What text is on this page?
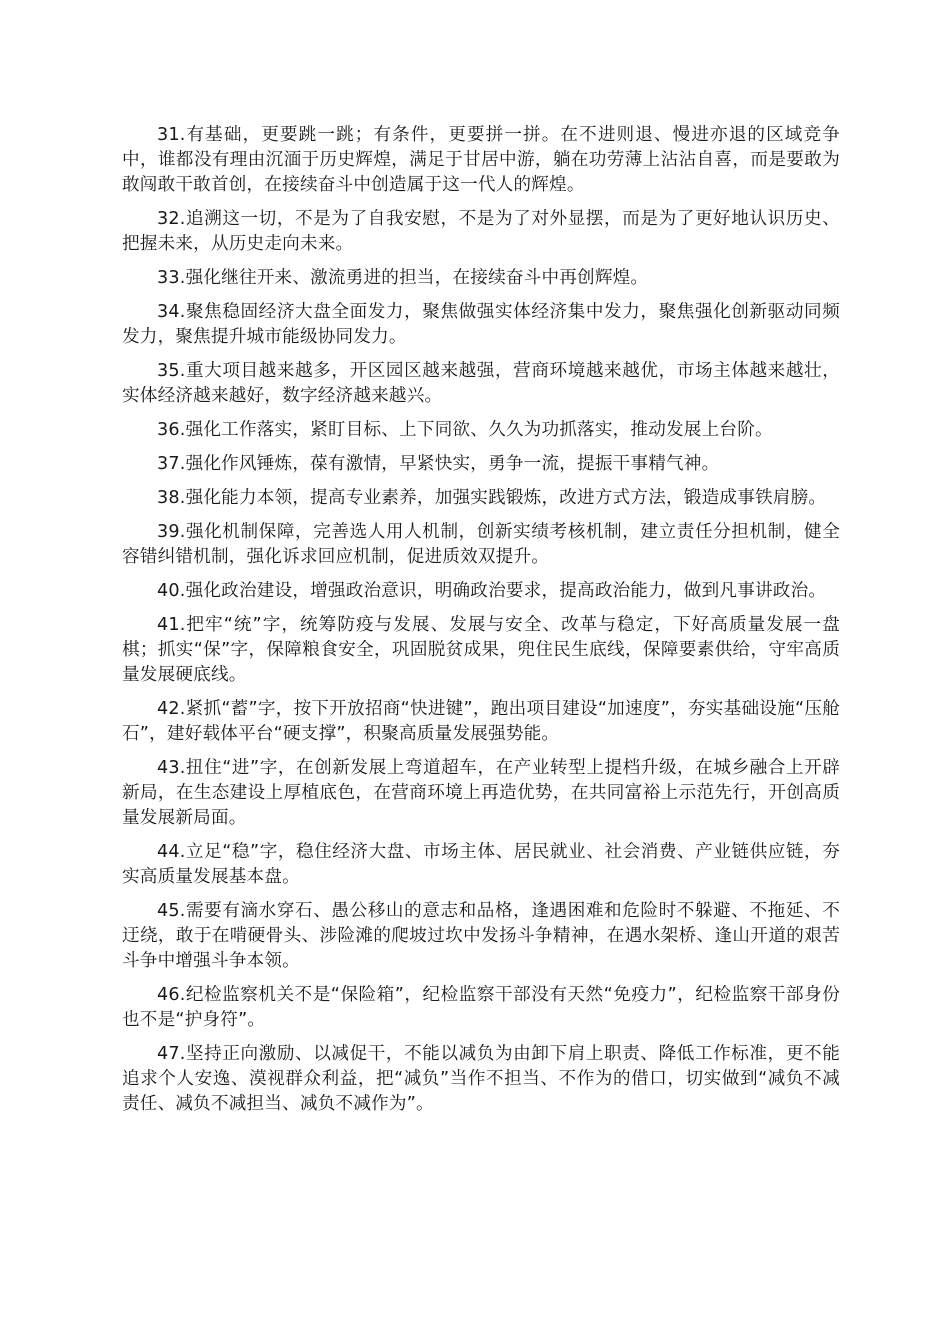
31.有基础，更要跳一跳；有条件，更要拼一拼。在不进则退、慢进亦退的区域竞争中，谁都没有理由沉湎于历史辉煌，满足于甘居中游，躺在功劳薄上沾沾自喜，而是要敢为敢闯敢干敢首创，在接续奋斗中创造属于这一代人的辉煌。

32.追溯这一切，不是为了自我安慰，不是为了对外显摆，而是为了更好地认识历史、把握未来，从历史走向未来。

33.强化继往开来、激流勇进的担当，在接续奋斗中再创辉煌。

34.聚焦稳固经济大盘全面发力，聚焦做强实体经济集中发力，聚焦强化创新驱动同频发力，聚焦提升城市能级协同发力。

35.重大项目越来越多，开区园区越来越强，营商环境越来越优，市场主体越来越壮，实体经济越来越好，数字经济越来越兴。

36.强化工作落实，紧盯目标、上下同欲、久久为功抓落实，推动发展上台阶。

37.强化作风锤炼，葆有激情，早紧快实，勇争一流，提振干事精气神。

38.强化能力本领，提高专业素养，加强实践锻炼，改进方式方法，锻造成事铁肩膀。

39.强化机制保障，完善选人用人机制，创新实绩考核机制，建立责任分担机制，健全容错纠错机制，强化诉求回应机制，促进质效双提升。

40.强化政治建设，增强政治意识，明确政治要求，提高政治能力，做到凡事讲政治。

41.把牢“统”字，统筹防疫与发展、发展与安全、改革与稳定，下好高质量发展一盘棋；抓实“保”字，保障粮食安全，巩固脱贫成果，兜住民生底线，保障要素供给，守牢高质量发展硬底线。

42.紧抓“蓄”字，按下开放招商“快进键”，跑出项目建设“加速度”，夯实基础设施“压舱石”，建好载体平台“硬支撑”，积聚高质量发展强势能。

43.扭住“进”字，在创新发展上弯道超车，在产业转型上提档升级，在城乡融合上开辟新局，在生态建设上厚植底色，在营商环境上再造优势，在共同富裕上示范先行，开创高质量发展新局面。

44.立足“稳”字，稳住经济大盘、市场主体、居民就业、社会消费、产业链供应链，夯实高质量发展基本盘。

45.需要有滴水穿石、愚公移山的意志和品格，逢遇困难和危险时不躲避、不拖延、不迂绕，敢于在啃硬骨头、涉险滩的爬坡过坎中发扬斗争精神，在遇水架桥、逢山开道的艰苦斗争中增强斗争本领。

46.纪检监察机关不是“保险箱”，纪检监察干部没有天然“免疫力”，纪检监察干部身份也不是“护身符”。

47.坚持正向激励、以减促干，不能以减负为由卸下肩上职责、降低工作标准，更不能追求个人安逸、漠视群众利益，把“减负”当作不担当、不作为的借口，切实做到“减负不减责任、减负不减担当、减负不减作为”。
